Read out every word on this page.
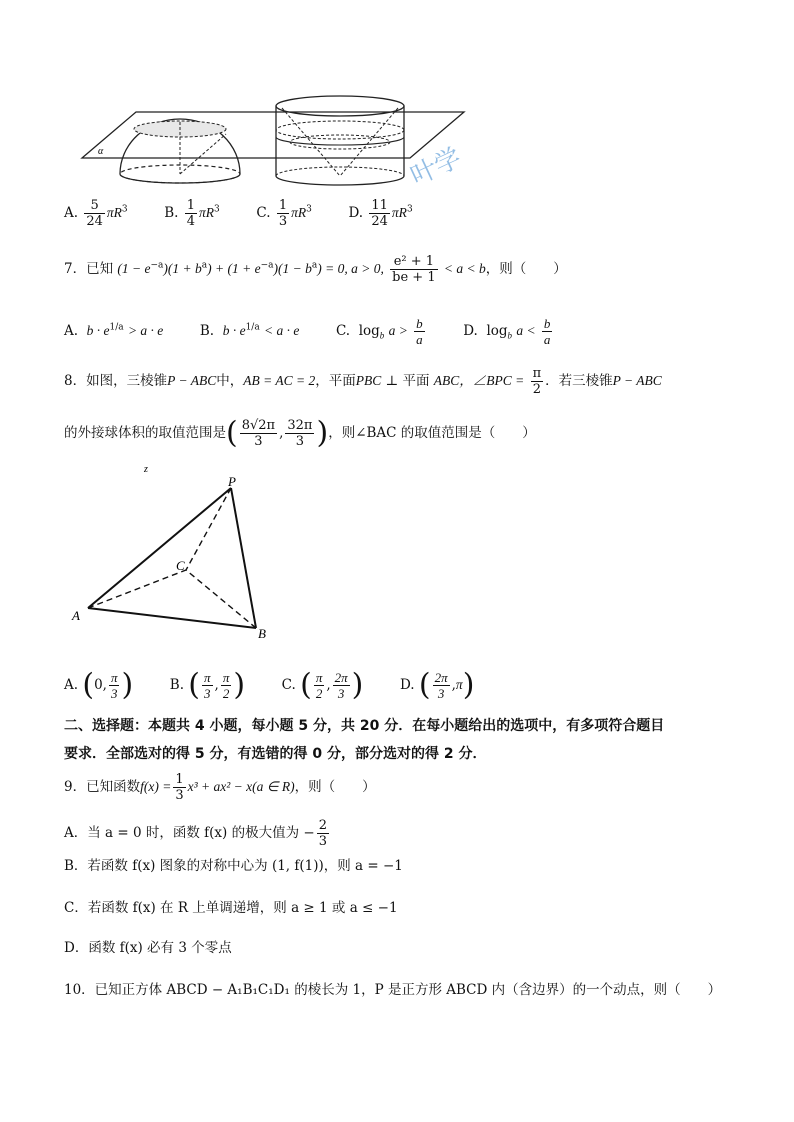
α	叶学
A. $\frac{5}{24} \pi R^3$	B. $\frac{1}{4} \pi R^3$	C. $\frac{1}{3} \pi R^3$	D. $\frac{11}{24} \pi R^3$
7．已知 $(1 - e^{-a})(1 + b^a) + (1 + e^{-a})(1 - b^a) = 0$, a > 0, $\frac{\text{e² + 1}}{be + 1} < a < b$，则（　　）
A. $b \cdot e^{1/a} > a \cdot e$	B. $b \cdot e^{1/a} < a \cdot e$	C. $\log_b a > \frac{b}{a}$	D. $\log_b a < \frac{b}{a}$
8．如图，三棱锥P − ABC中，AB = AC = 2，平面PBC ⊥ 平面 ABC，∠BPC = $\frac{\pi}{2}$ ．若三棱锥P − ABC
的外接球体积的取值范围是( $\frac{8√2\pi}{3}$ , $\frac{32\pi}{3}$ )，则∠BAC 的取值范围是（　　）
z
P
C
A
B
A. (0, $\frac{\pi}{3}$ )	B. ( $\frac{\pi}{3}$ , $\frac{\pi}{2}$ )	C. ( $\frac{\pi}{2}$ , $\frac{2\pi}{3}$ )	D. ( $\frac{2\pi}{3} ,\pi$)
二、选择题：本题共 4 小题，每小题 5 分，共 20 分．在每小题给出的选项中，有多项符合题目
要求．全部选对的得 5 分，有选错的得 0 分，部分选对的得 2 分．
9．已知函数$f(x) = \frac{1}{3} x^3 + ax^2 - x(a$ ∈ R)，则（　　）
A．当 a = 0 时，函数 f(x) 的极大值为 − $\frac{2}{3}$
B．若函数 f(x) 图象的对称中心为 (1, f(1))，则 a = −1
C．若函数 f(x) 在 R 上单调递增，则 a ≥ 1 或 a ≤ −1
D．函数 f(x) 必有 3 个零点
10．已知正方体 ABCD − A₁B₁C₁D₁ 的棱长为 1，P 是正方形 ABCD 内（含边界）的一个动点，则（　　）
